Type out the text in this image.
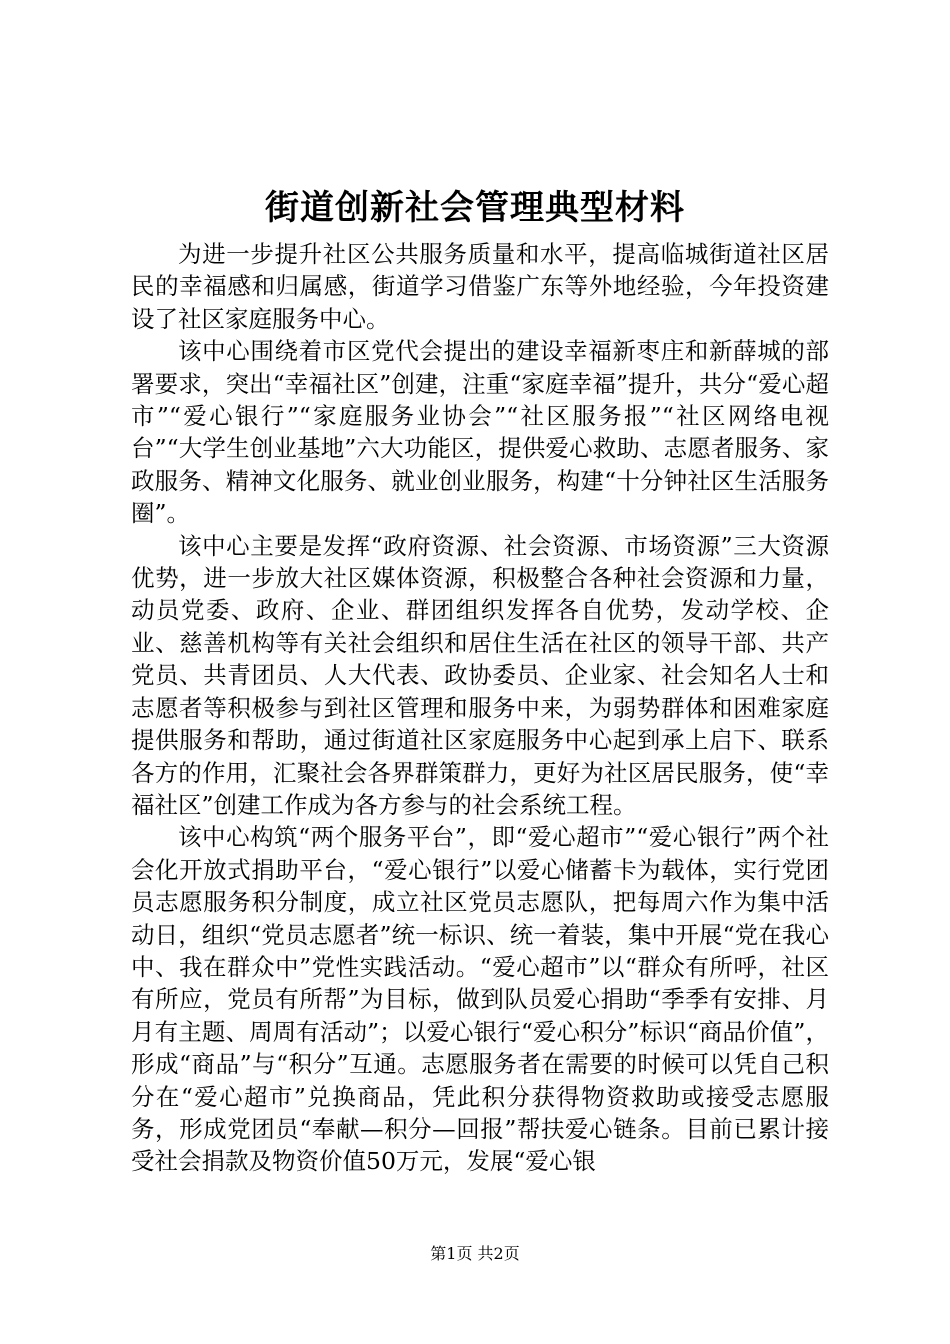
街道创新社会管理典型材料

为进一步提升社区公共服务质量和水平，提高临城街道社区居民的幸福感和归属感，街道学习借鉴广东等外地经验，今年投资建设了社区家庭服务中心。

该中心围绕着市区党代会提出的建设幸福新枣庄和新薛城的部署要求，突出“幸福社区”创建，注重“家庭幸福”提升，共分“爱心超市”“爱心银行”“家庭服务业协会”“社区服务报”“社区网络电视台”“大学生创业基地”六大功能区，提供爱心救助、志愿者服务、家政服务、精神文化服务、就业创业服务，构建“十分钟社区生活服务圈”。

该中心主要是发挥“政府资源、社会资源、市场资源”三大资源优势，进一步放大社区媒体资源，积极整合各种社会资源和力量，动员党委、政府、企业、群团组织发挥各自优势，发动学校、企业、慈善机构等有关社会组织和居住生活在社区的领导干部、共产党员、共青团员、人大代表、政协委员、企业家、社会知名人士和志愿者等积极参与到社区管理和服务中来，为弱势群体和困难家庭提供服务和帮助，通过街道社区家庭服务中心起到承上启下、联系各方的作用，汇聚社会各界群策群力，更好为社区居民服务，使“幸福社区”创建工作成为各方参与的社会系统工程。

该中心构筑“两个服务平台”，即“爱心超市”“爱心银行”两个社会化开放式捐助平台，“爱心银行”以爱心储蓄卡为载体，实行党团员志愿服务积分制度，成立社区党员志愿队，把每周六作为集中活动日，组织“党员志愿者”统一标识、统一着装，集中开展“党在我心中、我在群众中”党性实践活动。“爱心超市”以“群众有所呼，社区有所应，党员有所帮”为目标，做到队员爱心捐助“季季有安排、月月有主题、周周有活动”；以爱心银行“爱心积分”标识“商品价值”，形成“商品”与“积分”互通。志愿服务者在需要的时候可以凭自己积分在“爱心超市”兑换商品，凭此积分获得物资救助或接受志愿服务，形成党团员“奉献—积分—回报”帮扶爱心链条。目前已累计接受社会捐款及物资价值50万元，发展“爱心银

第1页 共2页
